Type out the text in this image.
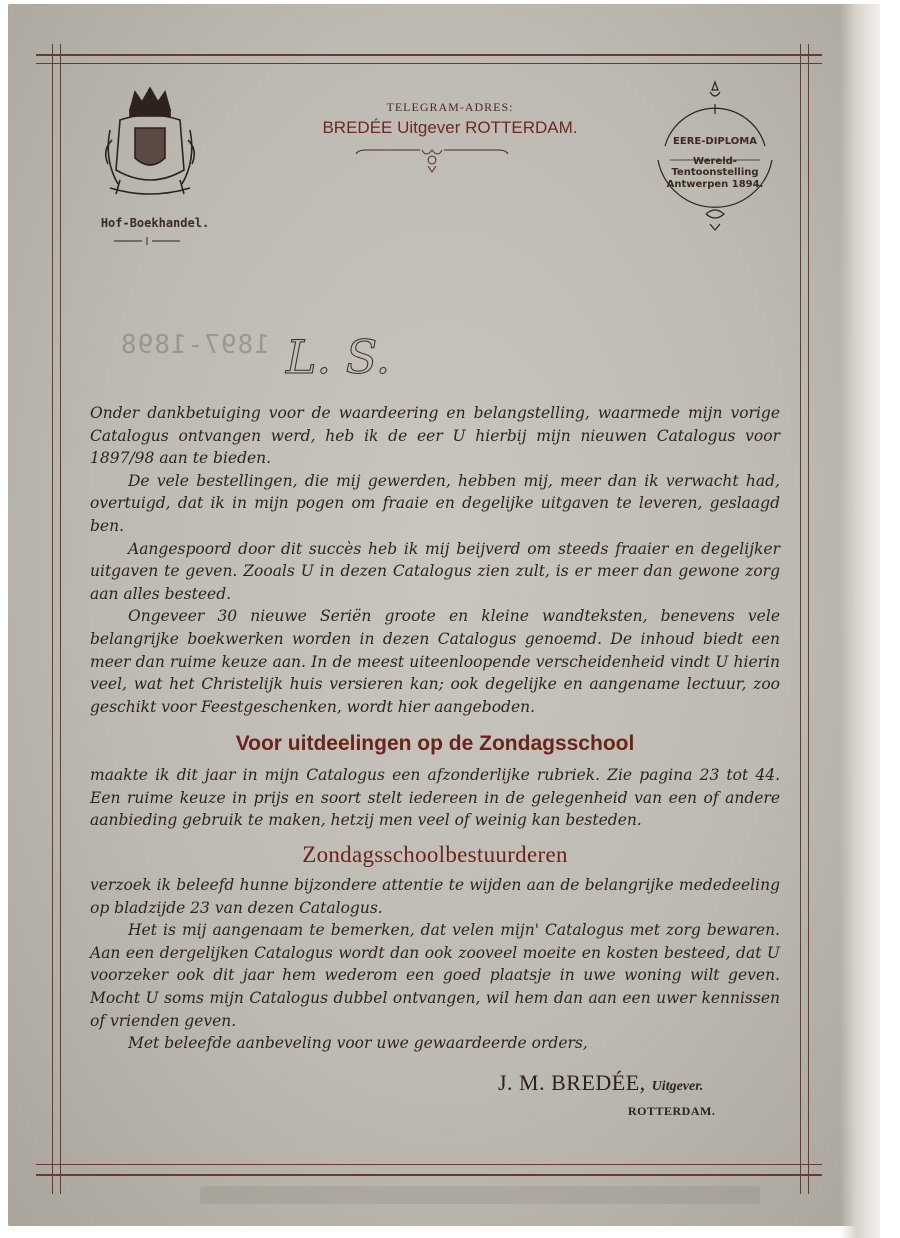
Hof-Boekhandel.
TELEGRAM-ADRES:
BREDÉE Uitgever ROTTERDAM.
EERE-DIPLOMA
Wereld-Tentoonstelling
Antwerpen 1894.
1897-1898 L. S.

Onder dankbetuiging voor de waardeering en belangstelling, waarmede mijn vorige Catalogus ontvangen werd, heb ik de eer U hierbij mijn nieuwen Catalogus voor 1897/98 aan te bieden.

De vele bestellingen, die mij gewerden, hebben mij, meer dan ik verwacht had, overtuigd, dat ik in mijn pogen om fraaie en degelijke uitgaven te leveren, geslaagd ben.

Aangespoord door dit succès heb ik mij beijverd om steeds fraaier en degelijker uitgaven te geven. Zooals U in dezen Catalogus zien zult, is er meer dan gewone zorg aan alles besteed.

Ongeveer 30 nieuwe Seriën groote en kleine wandteksten, benevens vele belangrijke boekwerken worden in dezen Catalogus genoemd. De inhoud biedt een meer dan ruime keuze aan. In de meest uiteenloopende verscheidenheid vindt U hierin veel, wat het Christelijk huis versieren kan; ook degelijke en aangename lectuur, zoo geschikt voor Feestgeschenken, wordt hier aangeboden.

Voor uitdeelingen op de Zondagsschool

maakte ik dit jaar in mijn Catalogus een afzonderlijke rubriek. Zie pagina 23 tot 44. Een ruime keuze in prijs en soort stelt iedereen in de gelegenheid van een of andere aanbieding gebruik te maken, hetzij men veel of weinig kan besteden.

Zondagsschoolbestuurderen

verzoek ik beleefd hunne bijzondere attentie te wijden aan de belangrijke mededeeling op bladzijde 23 van dezen Catalogus.

Het is mij aangenaam te bemerken, dat velen mijn' Catalogus met zorg bewaren. Aan een dergelijken Catalogus wordt dan ook zooveel moeite en kosten besteed, dat U voorzeker ook dit jaar hem wederom een goed plaatsje in uwe woning wilt geven. Mocht U soms mijn Catalogus dubbel ontvangen, wil hem dan aan een uwer kennissen of vrienden geven.

Met beleefde aanbeveling voor uwe gewaardeerde orders,

J. M. BREDÉE, Uitgever.
ROTTERDAM.
